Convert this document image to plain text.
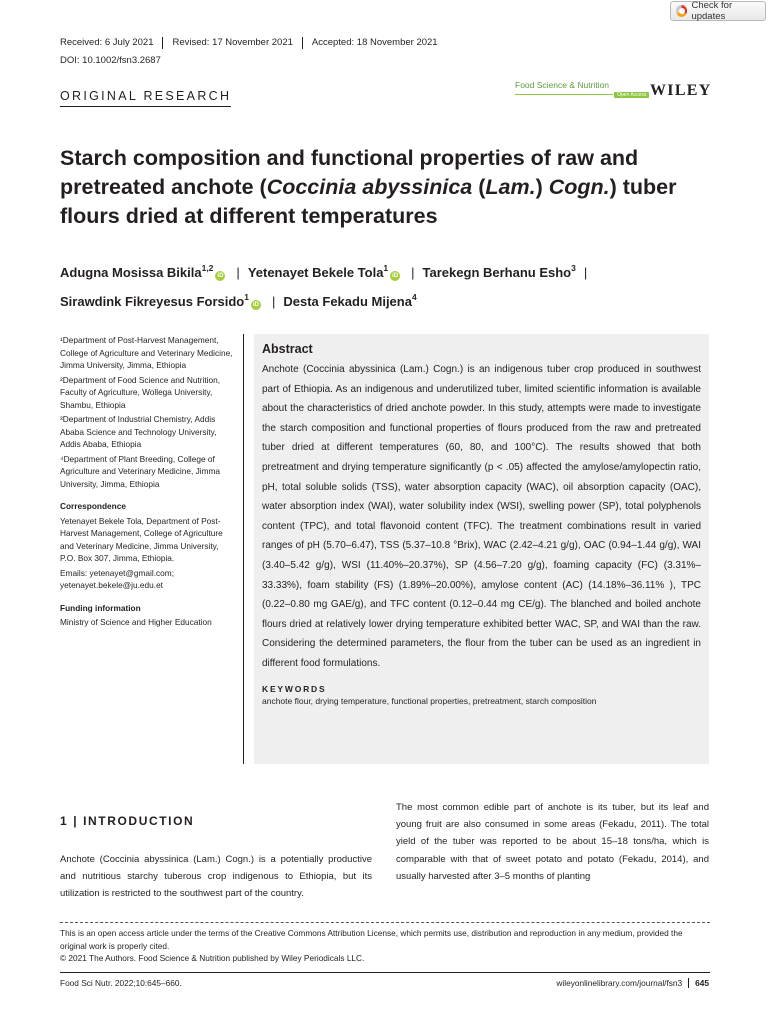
Check for updates
Received: 6 July 2021	Revised: 17 November 2021	Accepted: 18 November 2021
DOI: 10.1002/fsn3.2687
ORIGINAL RESEARCH
Food Science & Nutrition
Open Access WILEY
Starch composition and functional properties of raw and pretreated anchote (Coccinia abyssinica (Lam.) Cogn.) tuber flours dried at different temperatures
Adugna Mosissa Bikila$^{1,2}$iD | Yetenayet Bekele Tola$^1$iD | Tarekegn Berhanu Esho$^3$ |
Sirawdink Fikreyesus Forsido$^1$iD | Desta Fekadu Mijena$^4$

¹Department of Post-Harvest Management, College of Agriculture and Veterinary Medicine, Jimma University, Jimma, Ethiopia

²Department of Food Science and Nutrition, Faculty of Agriculture, Wollega University, Shambu, Ethiopia

³Department of Industrial Chemistry, Addis Ababa Science and Technology University, Addis Ababa, Ethiopia

⁴Department of Plant Breeding, College of Agriculture and Veterinary Medicine, Jimma University, Jimma, Ethiopia

Correspondence

Yetenayet Bekele Tola, Department of Post-Harvest Management, College of Agriculture and Veterinary Medicine, Jimma University, P.O. Box 307, Jimma, Ethiopia.

Emails: yetenayet@gmail.com; yetenayet.bekele@ju.edu.et

Funding information

Ministry of Science and Higher Education

Abstract
Anchote (Coccinia abyssinica (Lam.) Cogn.) is an indigenous tuber crop produced in southwest part of Ethiopia. As an indigenous and underutilized tuber, limited scientific information is available about the characteristics of dried anchote powder. In this study, attempts were made to investigate the starch composition and functional properties of flours produced from the raw and pretreated tuber dried at different temperatures (60, 80, and 100°C). The results showed that both pretreatment and drying temperature significantly (p < .05) affected the amylose/amylopectin ratio, pH, total soluble solids (TSS), water absorption capacity (WAC), oil absorption capacity (OAC), water absorption index (WAI), water solubility index (WSI), swelling power (SP), total polyphenols content (TPC), and total flavonoid content (TFC). The treatment combinations result in varied ranges of pH (5.70–6.47), TSS (5.37–10.8 °Brix), WAC (2.42–4.21 g/g), OAC (0.94–1.44 g/g), WAI (3.40–5.42 g/g), WSI (11.40%–20.37%), SP (4.56–7.20 g/g), foaming capacity (FC) (3.31%–33.33%), foam stability (FS) (1.89%–20.00%), amylose content (AC) (14.18%–36.11% ), TPC (0.22–0.80 mg GAE/g), and TFC content (0.12–0.44 mg CE/g). The blanched and boiled anchote flours dried at relatively lower drying temperature exhibited better WAC, SP, and WAI than the raw. Considering the determined parameters, the flour from the tuber can be used as an ingredient in different food formulations.
KEYWORDS
anchote flour, drying temperature, functional properties, pretreatment, starch composition
1 | INTRODUCTION
Anchote (Coccinia abyssinica (Lam.) Cogn.) is a potentially productive and nutritious starchy tuberous crop indigenous to Ethiopia, but its utilization is restricted to the southwest part of the country.
The most common edible part of anchote is its tuber, but its leaf and young fruit are also consumed in some areas (Fekadu, 2011). The total yield of the tuber was reported to be about 15–18 tons/ha, which is comparable with that of sweet potato and potato (Fekadu, 2014), and usually harvested after 3–5 months of planting
This is an open access article under the terms of the Creative Commons Attribution License, which permits use, distribution and reproduction in any medium, provided the original work is properly cited.
© 2021 The Authors. Food Science & Nutrition published by Wiley Periodicals LLC.
Food Sci Nutr. 2022;10:645–660.	wileyonlinelibrary.com/journal/fsn3	645
